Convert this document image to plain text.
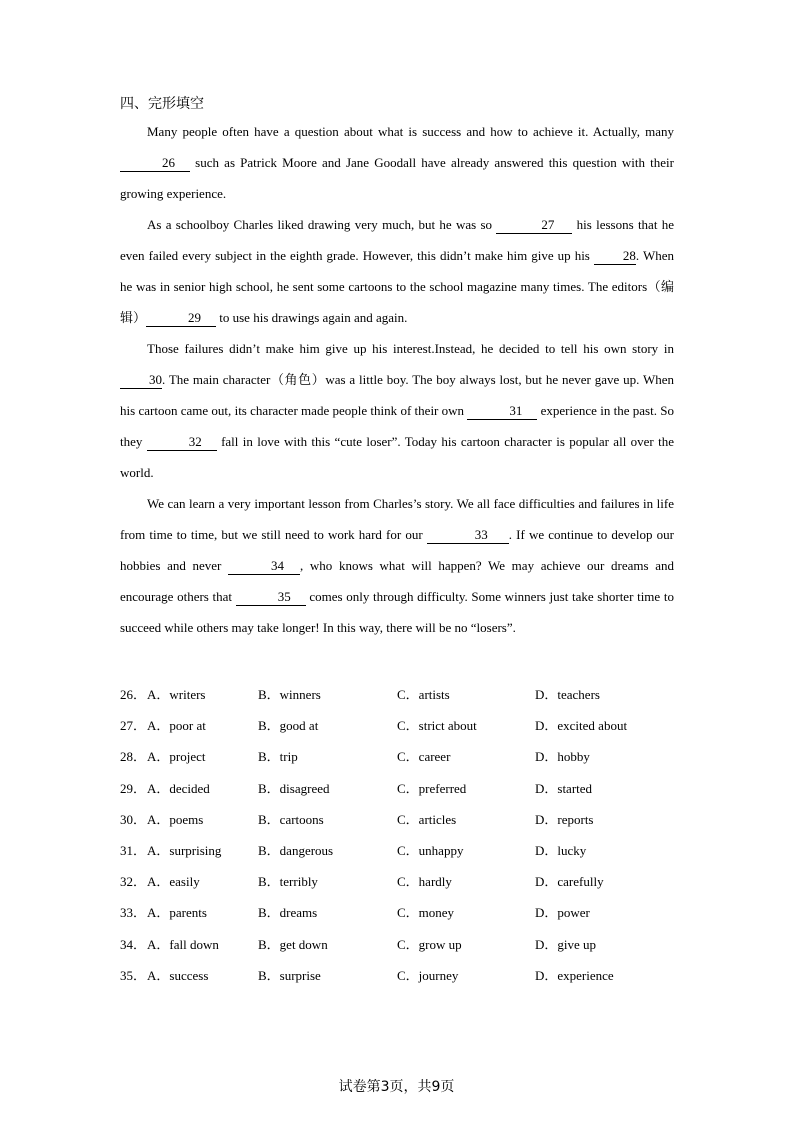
四、完形填空

Many people often have a question about what is success and how to achieve it. Actually, many 26 such as Patrick Moore and Jane Goodall have already answered this question with their growing experience.

As a schoolboy Charles liked drawing very much, but he was so	27 his lessons that he even failed every subject in the eighth grade. However, this didn’t make him give up his 28. When he was in senior high school, he sent some cartoons to the school magazine many times. The editors（编辑）	29 to use his drawings again and again.

Those failures didn’t make him give up his interest.Instead, he decided to tell his own story in 30. The main character（角色）was a little boy. The boy always lost, but he never gave up. When his cartoon came out, its character made people think of their own	31 experience in the past. So they	32 fall in love with this “cute loser”. Today his cartoon character is popular all over the world.

We can learn a very important lesson from Charles’s story. We all face difficulties and failures in life from time to time, but we still need to work hard for our	33 . If we continue to develop our hobbies and never	34 , who knows what will happen? We may achieve our dreams and encourage others that	35 comes only through difficulty. Some winners just take shorter time to succeed while others may take longer! In this way, there will be no “losers”.

26． A．writers	B．winners	C．artists	D．teachers
27． A．poor at	B．good at	C．strict about	D．excited about
28． A．project	B．trip	C．career	D．hobby
29． A．decided	B．disagreed	C．preferred	D．started
30． A．poems	B．cartoons	C．articles	D．reports
31． A．surprising	B．dangerous	C．unhappy	D．lucky
32． A．easily	B．terribly	C．hardly	D．carefully
33． A．parents	B．dreams	C．money	D．power
34． A．fall down	B．get down	C．grow up	D．give up
35． A．success	B．surprise	C．journey	D．experience
试卷第3页，共9页
